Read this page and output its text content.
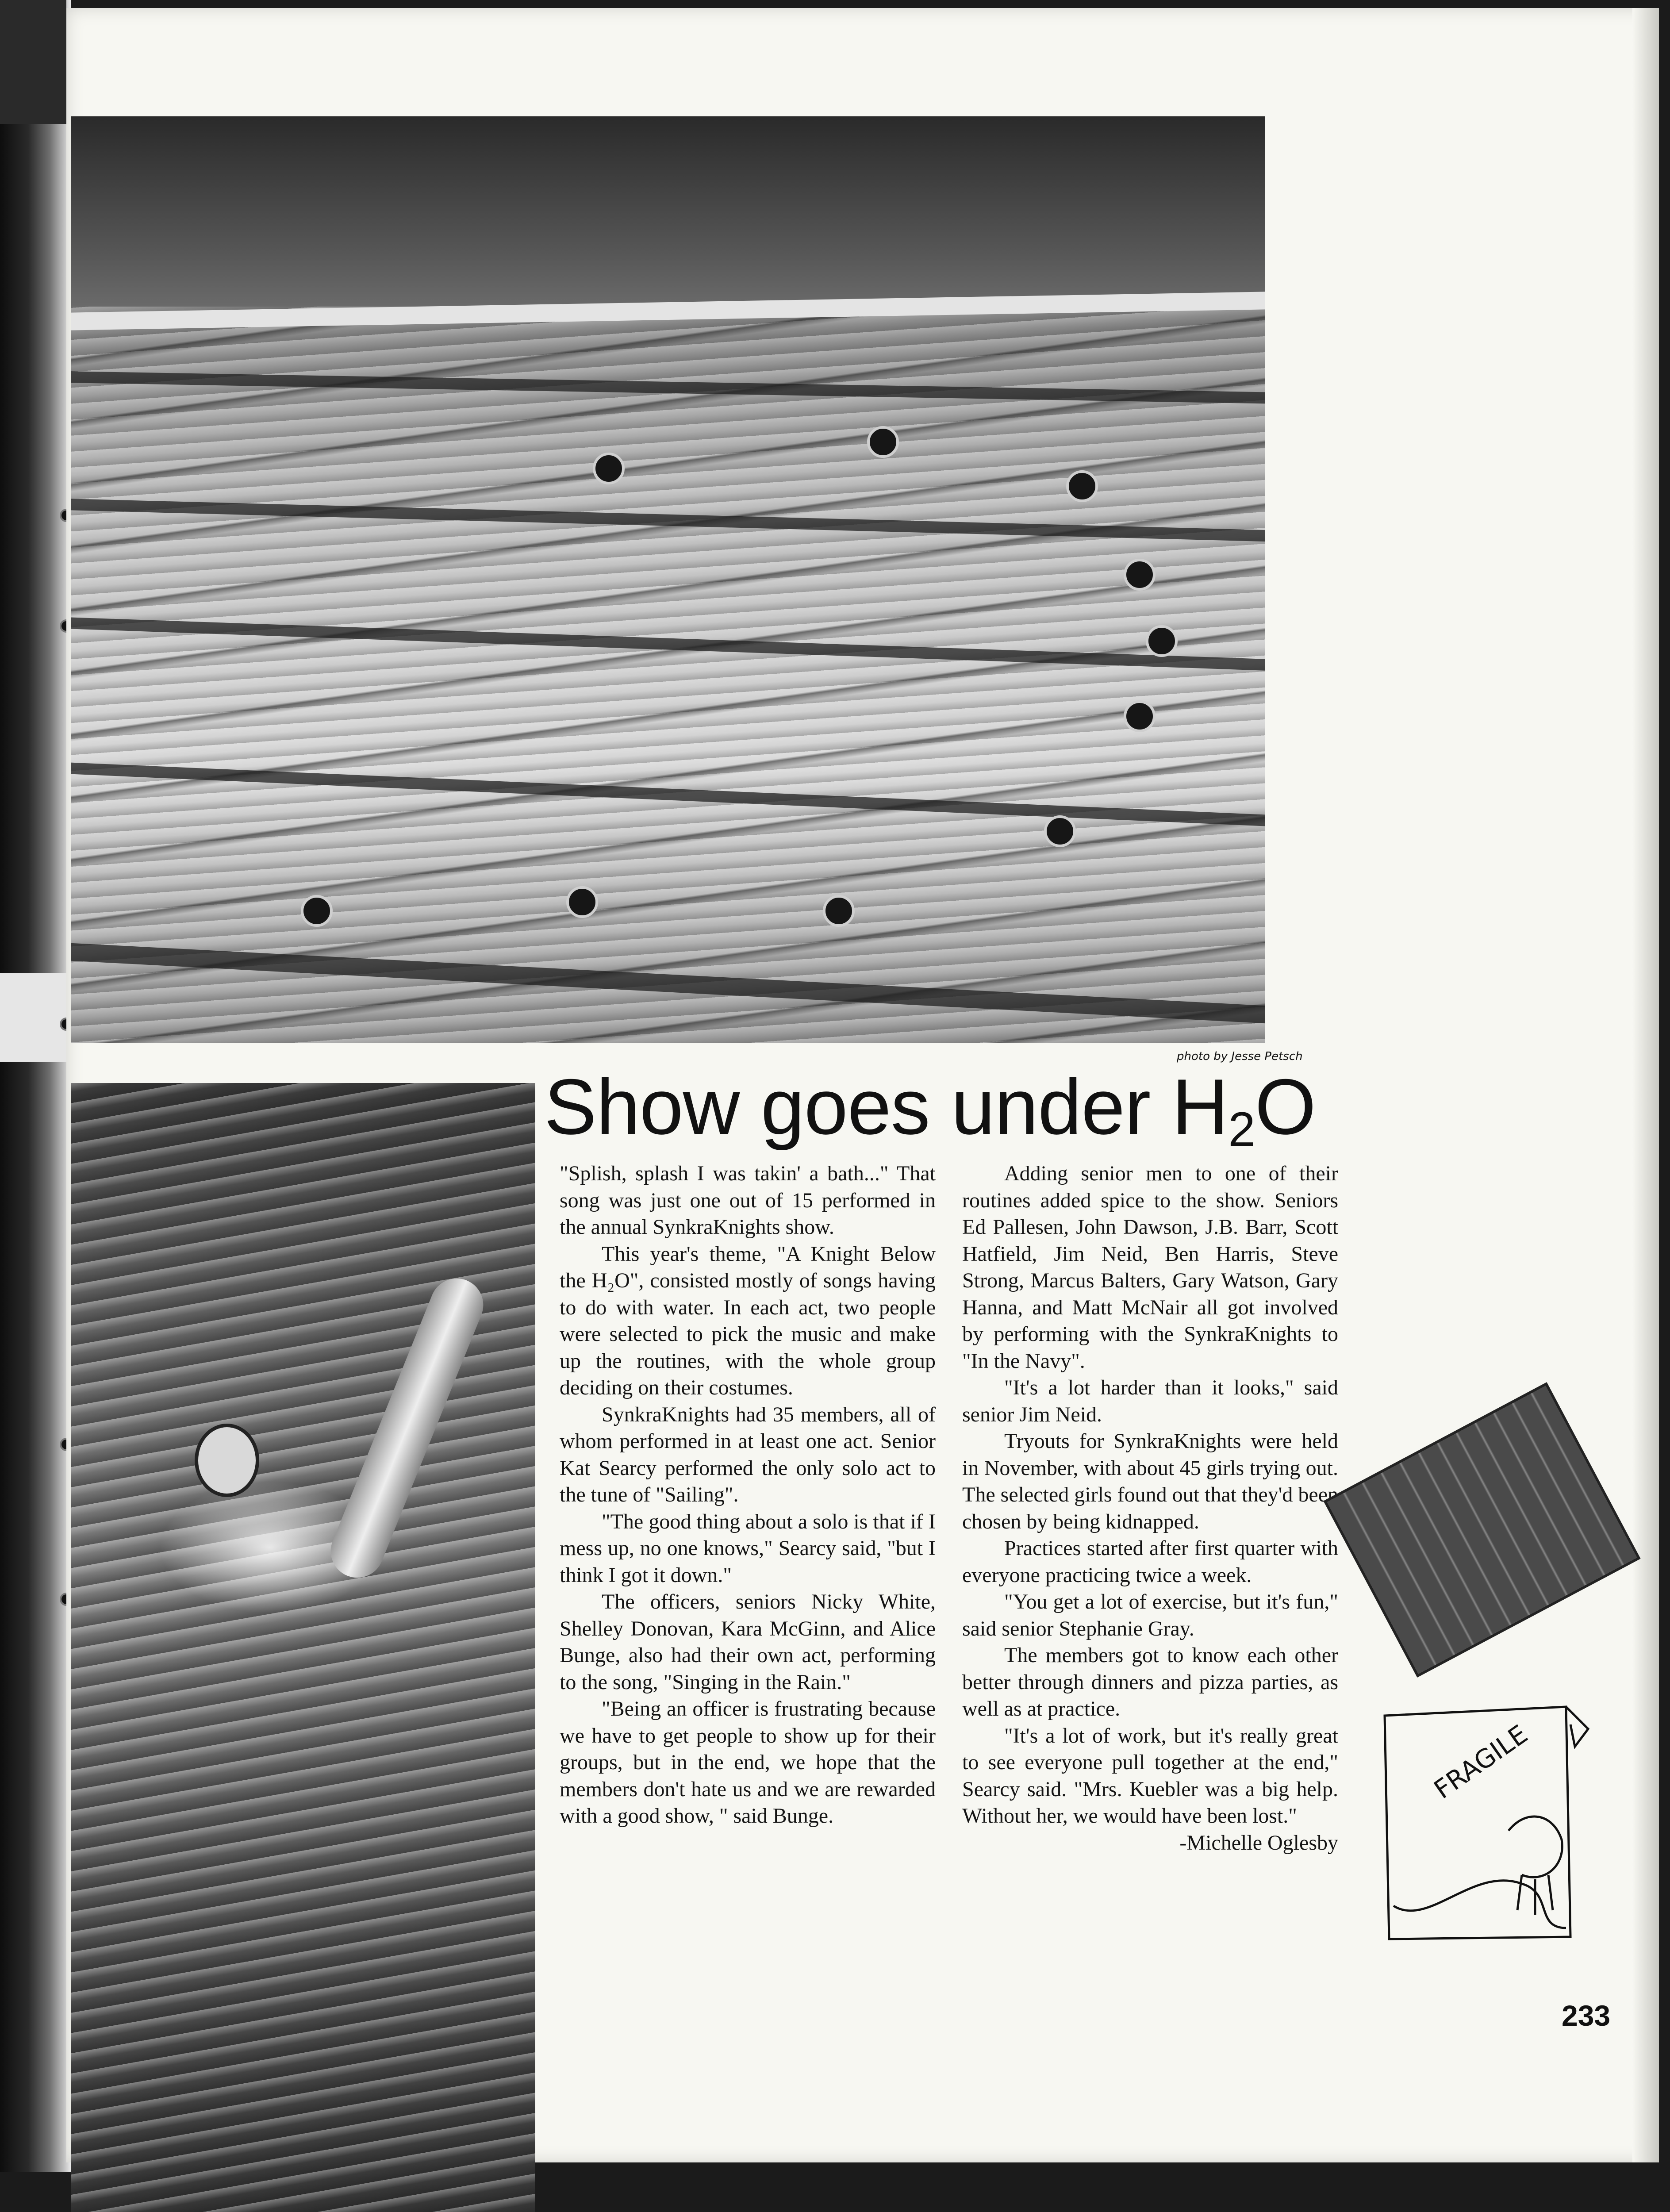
photo by Jesse Petsch
Show goes under $H_2O$

"Splish, splash I was takin' a bath..." That song was just one out of 15 performed in the annual SynkraKnights show.

This year's theme, "A Knight Below the H₂O", consisted mostly of songs having to do with water. In each act, two people were selected to pick the music and make up the routines, with the whole group deciding on their costumes.

SynkraKnights had 35 members, all of whom performed in at least one act. Senior Kat Searcy performed the only solo act to the tune of "Sailing".

"The good thing about a solo is that if I mess up, no one knows," Searcy said, "but I think I got it down."

The officers, seniors Nicky White, Shelley Donovan, Kara McGinn, and Alice Bunge, also had their own act, performing to the song, "Singing in the Rain."

"Being an officer is frustrating because we have to get people to show up for their groups, but in the end, we hope that the members don't hate us and we are rewarded with a good show, " said Bunge.

Adding senior men to one of their routines added spice to the show. Seniors Ed Pallesen, John Dawson, J.B. Barr, Scott Hatfield, Jim Neid, Ben Harris, Steve Strong, Marcus Balters, Gary Watson, Gary Hanna, and Matt McNair all got involved by performing with the SynkraKnights to "In the Navy".

"It's a lot harder than it looks," said senior Jim Neid.

Tryouts for SynkraKnights were held in November, with about 45 girls trying out. The selected girls found out that they'd been chosen by being kidnapped.

Practices started after first quarter with everyone practicing twice a week.

"You get a lot of exercise, but it's fun," said senior Stephanie Gray.

The members got to know each other better through dinners and pizza parties, as well as at practice.

"It's a lot of work, but it's really great to see everyone pull together at the end," Searcy said. "Mrs. Kuebler was a big help. Without her, we would have been lost."

-Michelle Oglesby

FRAGILE
233
